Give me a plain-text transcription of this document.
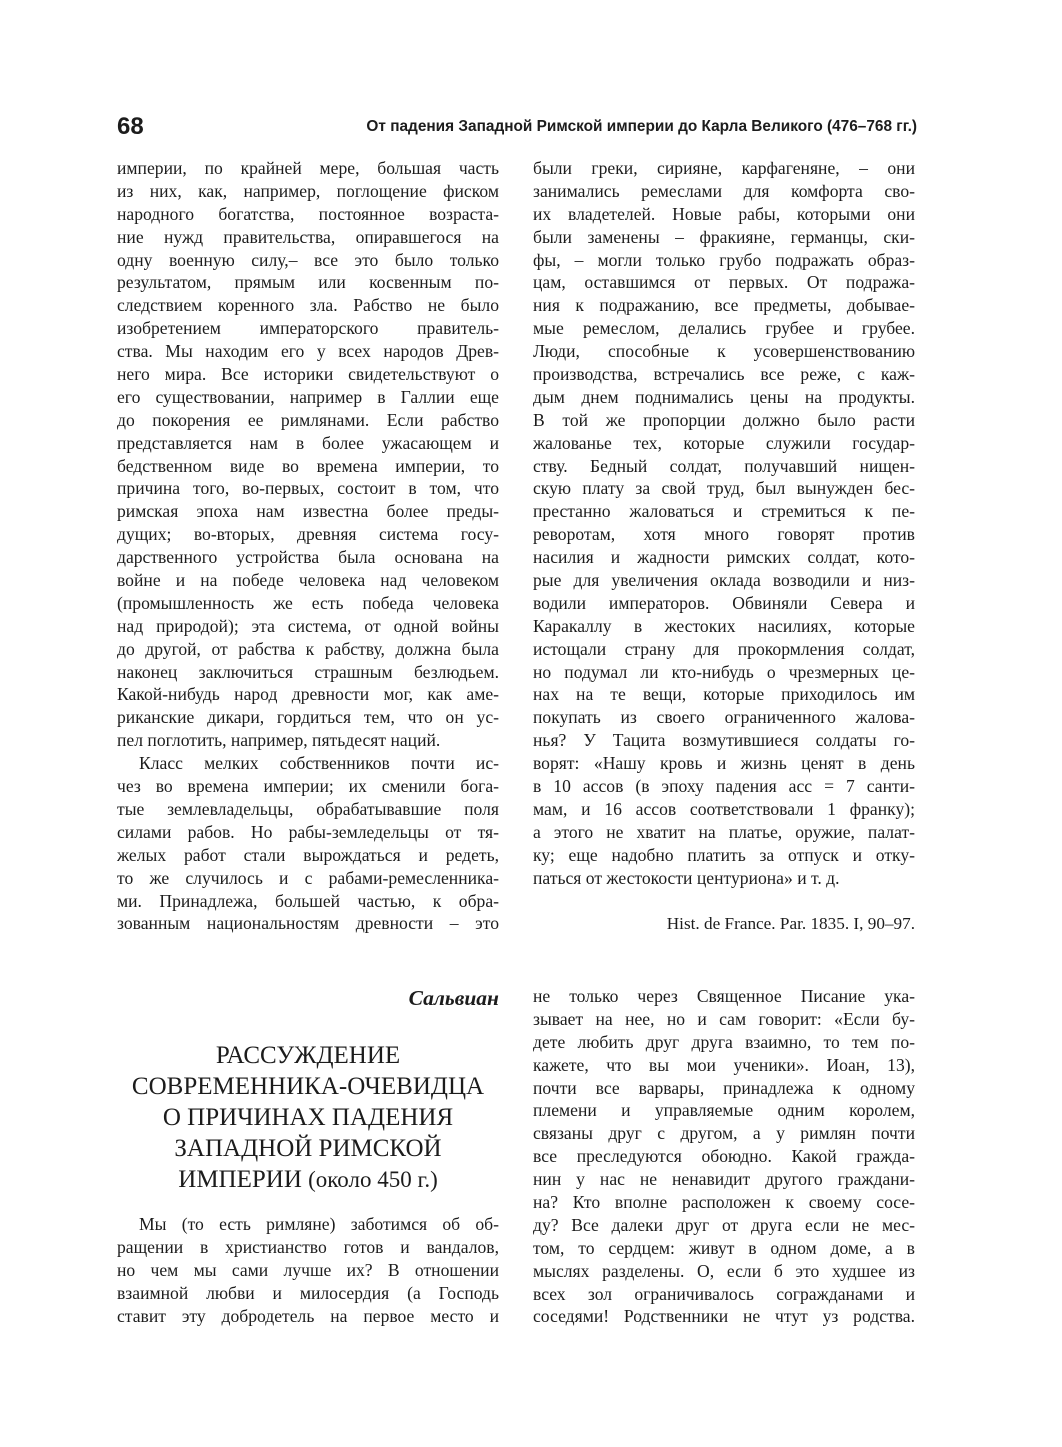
68	От падения Западной Римской империи до Карла Великого (476–768 гг.)
империи, по крайней мере, большая часть
из них, как, например, поглощение фиском
народного богатства, постоянное возраста-
ние нужд правительства, опиравшегося на
одну военную силу,– все это было только
результатом, прямым или косвенным по-
следствием коренного зла. Рабство не было
изобретением императорского правитель-
ства. Мы находим его у всех народов Древ-
него мира. Все историки свидетельствуют о
его существовании, например в Галлии еще
до покорения ее римлянами. Если рабство
представляется нам в более ужасающем и
бедственном виде во времена империи, то
причина того, во-первых, состоит в том, что
римская эпоха нам известна более преды-
дущих; во-вторых, древняя система госу-
дарственного устройства была основана на
войне и на победе человека над человеком
(промышленность же есть победа человека
над природой); эта система, от одной войны
до другой, от рабства к рабству, должна была
наконец заключиться страшным безлюдьем.
Какой-нибудь народ древности мог, как аме-
риканские дикари, гордиться тем, что он ус-
пел поглотить, например, пятьдесят наций.
Класс мелких собственников почти ис-
чез во времена империи; их сменили бога-
тые землевладельцы, обрабатывавшие поля
силами рабов. Но рабы-земледельцы от тя-
желых работ стали вырождаться и редеть,
то же случилось и с рабами-ремесленника-
ми. Принадлежа, большей частью, к обра-
зованным национальностям древности – это
были греки, сирияне, карфагеняне, – они
занимались ремеслами для комфорта сво-
их владетелей. Новые рабы, которыми они
были заменены – фракияне, германцы, ски-
фы, – могли только грубо подражать образ-
цам, оставшимся от первых. От подража-
ния к подражанию, все предметы, добывае-
мые ремеслом, делались грубее и грубее.
Люди, способные к усовершенствованию
производства, встречались все реже, с каж-
дым днем поднимались цены на продукты.
В той же пропорции должно было расти
жалованье тех, которые служили государ-
ству. Бедный солдат, получавший нищен-
скую плату за свой труд, был вынужден бес-
престанно жаловаться и стремиться к пе-
реворотам, хотя много говорят против
насилия и жадности римских солдат, кото-
рые для увеличения оклада возводили и низ-
водили императоров. Обвиняли Севера и
Каракаллу в жестоких насилиях, которые
истощали страну для прокормления солдат,
но подумал ли кто-нибудь о чрезмерных це-
нах на те вещи, которые приходилось им
покупать из своего ограниченного жалова-
нья? У Тацита возмутившиеся солдаты го-
ворят: «Нашу кровь и жизнь ценят в день
в 10 ассов (в эпоху падения асс = 7 санти-
мам, и 16 ассов соответствовали 1 франку);
а этого не хватит на платье, оружие, палат-
ку; еще надобно платить за отпуск и отку-
паться от жестокости центуриона» и т. д.
Hist. de France. Par. 1835. I, 90–97.
Сальвиан
РАССУЖДЕНИЕ
СОВРЕМЕННИКА-ОЧЕВИДЦА
О ПРИЧИНАХ ПАДЕНИЯ
ЗАПАДНОЙ РИМСКОЙ
ИМПЕРИИ (около 450 г.)
Мы (то есть римляне) заботимся об об-
ращении в христианство готов и вандалов,
но чем мы сами лучше их? В отношении
взаимной любви и милосердия (а Господь
ставит эту добродетель на первое место и
не только через Священное Писание ука-
зывает на нее, но и сам говорит: «Если бу-
дете любить друг друга взаимно, то тем по-
кажете, что вы мои ученики». Иоан, 13),
почти все варвары, принадлежа к одному
племени и управляемые одним королем,
связаны друг с другом, а у римлян почти
все преследуются обоюдно. Какой гражда-
нин у нас не ненавидит другого граждани-
на? Кто вполне расположен к своему сосе-
ду? Все далеки друг от друга если не мес-
том, то сердцем: живут в одном доме, а в
мыслях разделены. О, если б это худшее из
всех зол ограничивалось согражданами и
соседями! Родственники не чтут уз родства.
